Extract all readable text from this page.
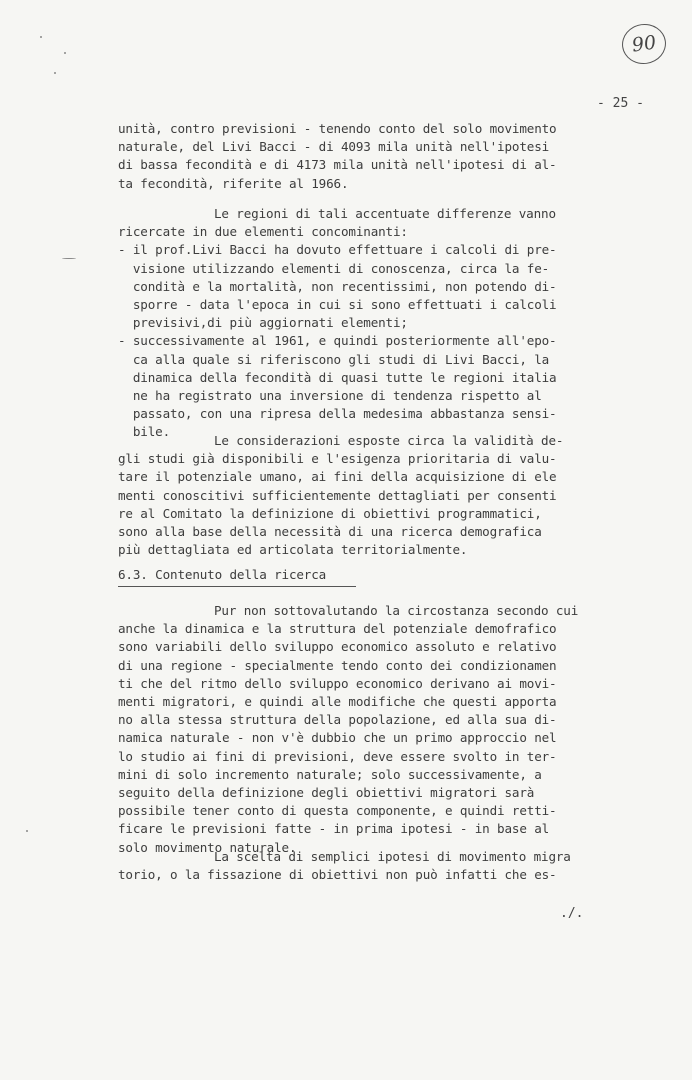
90
- 25 -
unità, contro previsioni - tenendo conto del solo movimento
naturale, del Livi Bacci - di 4093 mila unità nell'ipotesi
di bassa fecondità e di 4173 mila unità nell'ipotesi di al-
ta fecondità, riferite al 1966.
Le regioni di tali accentuate differenze vanno
ricercate in due elementi concominanti:
- il prof.Livi Bacci ha dovuto effettuare i calcoli di pre-
visione utilizzando elementi di conoscenza, circa la fe-
condità e la mortalità, non recentissimi, non potendo di-
sporre - data l'epoca in cui si sono effettuati i calcoli
previsivi,di più aggiornati elementi;
- successivamente al 1961, e quindi posteriormente all'epo-
ca alla quale si riferiscono gli studi di Livi Bacci, la
dinamica della fecondità di quasi tutte le regioni italia
ne ha registrato una inversione di tendenza rispetto al
passato, con una ripresa della medesima abbastanza sensi-
bile.
Le considerazioni esposte circa la validità de-
gli studi già disponibili e l'esigenza prioritaria di valu-
tare il potenziale umano, ai fini della acquisizione di ele
menti conoscitivi sufficientemente dettagliati per consenti
re al Comitato la definizione di obiettivi programmatici,
sono alla base della necessità di una ricerca demografica
più dettagliata ed articolata territorialmente.
6.3. Contenuto della ricerca
Pur non sottovalutando la circostanza secondo cui
anche la dinamica e la struttura del potenziale demofrafico
sono variabili dello sviluppo economico assoluto e relativo
di una regione - specialmente tendo conto dei condizionamen
ti che del ritmo dello sviluppo economico derivano ai movi-
menti migratori, e quindi alle modifiche che questi apporta
no alla stessa struttura della popolazione, ed alla sua di-
namica naturale - non v'è dubbio che un primo approccio nel
lo studio ai fini di previsioni, deve essere svolto in ter-
mini di solo incremento naturale; solo successivamente, a
seguito della definizione degli obiettivi migratori sarà
possibile tener conto di questa componente, e quindi retti-
ficare le previsioni fatte - in prima ipotesi - in base al
solo movimento naturale.
La scelta di semplici ipotesi di movimento migra
torio, o la fissazione di obiettivi non può infatti che es-
./.
